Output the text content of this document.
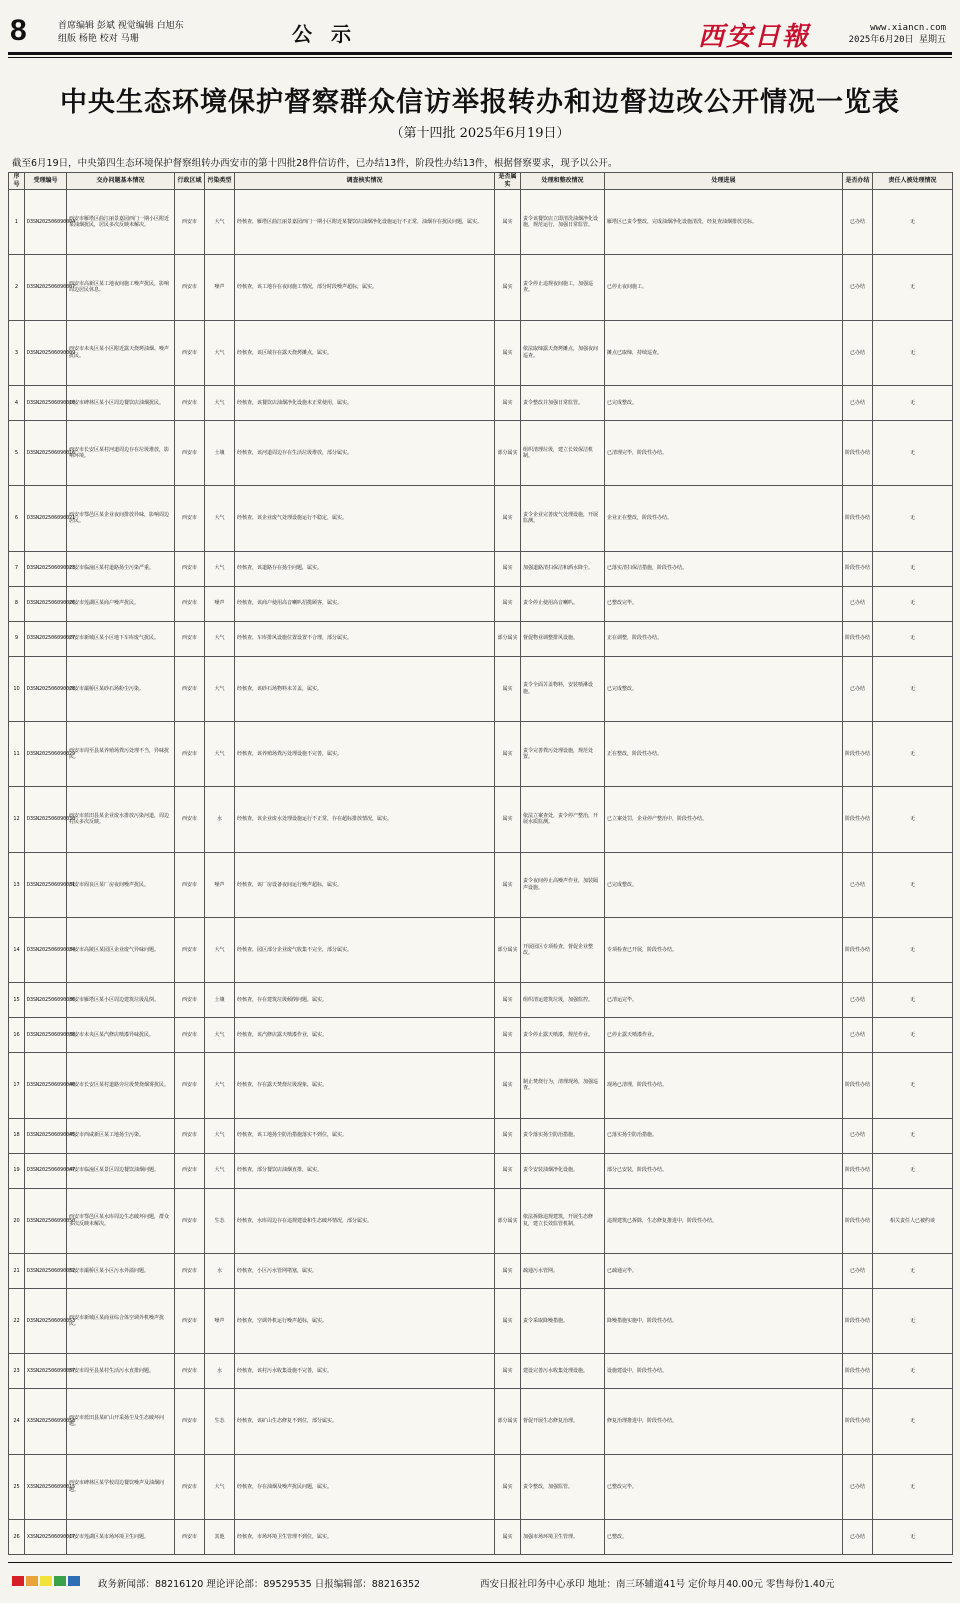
8	首席编辑 彭斌 视觉编辑 白旭东
组版 杨艳 校对 马珊	公 示	西安日報	www.xiancn.com
2025年6月20日 星期五
中央生态环境保护督察群众信访举报转办和边督边改公开情况一览表
（第十四批 2025年6月19日）
截至6月19日，中央第四生态环境保护督察组转办西安市的第十四批28件信访件，已办结13件，阶段性办结13件，根据督察要求，现予以公开。
序号	受理编号	交办问题基本情况	行政区域	污染类型	调查核实情况	是否属实	处理和整改情况	处理进展	是否办结	责任人被处理情况
1	D3SN202506090004	西安市雁塔区曲江丽景嘉园西门一期小区附近某油烟扰民，居民多次反映未解决。	西安市	大气	经核查，雁塔区曲江丽景嘉园西门一期小区附近某餐饮店油烟净化设施运行不正常，油烟存在扰民问题，属实。	属实	责令该餐饮店立即清洗油烟净化设施，规范运行，加强日常监管。	雁塔区已责令整改，完成油烟净化设施清洗，经复查油烟排放达标。	已办结	无
2	D3SN202506090007	西安市高新区某工地夜间施工噪声扰民，影响周边居民休息。	西安市	噪声	经核查，该工地存在夜间施工情况，部分时段噪声超标，属实。	属实	责令停止违规夜间施工，加强巡查。	已停止夜间施工。	已办结	无
3	D3SN202506090009	西安市未央区某小区附近露天烧烤油烟、噪声扰民。	西安市	大气	经核查，该区域存在露天烧烤摊点，属实。	属实	依法取缔露天烧烤摊点，加强夜间巡查。	摊点已取缔，持续巡查。	已办结	无
4	D3SN202506090010	西安市碑林区某小区周边餐饮店油烟扰民。	西安市	大气	经核查，该餐饮店油烟净化设施未正常使用，属实。	属实	责令整改并加强日常监管。	已完成整改。	已办结	无
5	D3SN202506090016	西安市长安区某村河道周边存在垃圾堆放，影响环境。	西安市	土壤	经核查，该河道周边存在生活垃圾堆放，部分属实。	部分属实	组织清理垃圾，建立长效保洁机制。	已清理完毕，阶段性办结。	阶段性办结	无
6	D3SN202506090021	西安市鄠邑区某企业夜间排放异味，影响周边居民。	西安市	大气	经核查，该企业废气处理设施运行不稳定，属实。	属实	责令企业完善废气处理设施，开展监测。	企业正在整改，阶段性办结。	阶段性办结	无
7	D3SN202506090023	西安市临潼区某村道路扬尘污染严重。	西安市	大气	经核查，该道路存在扬尘问题，属实。	属实	加强道路清扫保洁和洒水降尘。	已落实清扫保洁措施，阶段性办结。	阶段性办结	无
8	D3SN202506090026	西安市莲湖区某商户噪声扰民。	西安市	噪声	经核查，该商户使用高音喇叭招揽顾客，属实。	属实	责令停止使用高音喇叭。	已整改完毕。	已办结	无
9	D3SN202506090027	西安市新城区某小区地下车库废气扰民。	西安市	大气	经核查，车库排风设施位置设置不合理，部分属实。	部分属实	督促物业调整排风设施。	正在调整，阶段性办结。	阶段性办结	无
10	D3SN202506090028	西安市灞桥区某砂石场粉尘污染。	西安市	大气	经核查，该砂石场物料未苫盖，属实。	属实	责令全面苫盖物料，安装喷淋设施。	已完成整改。	已办结	无
11	D3SN202506090029	西安市周至县某养殖场粪污处理不当，异味扰民。	西安市	大气	经核查，该养殖场粪污处理设施不完善，属实。	属实	责令完善粪污处理设施，规范处置。	正在整改，阶段性办结。	阶段性办结	无
12	D3SN202506090030	西安市蓝田县某企业废水排放污染河道，周边村民多次反映。	西安市	水	经核查，该企业废水处理设施运行不正常，存在超标排放情况，属实。	属实	依法立案查处，责令停产整治，开展水质监测。	已立案处罚，企业停产整治中，阶段性办结。	阶段性办结	无
13	D3SN202506090031	西安市阎良区某厂房夜间噪声扰民。	西安市	噪声	经核查，该厂房设备夜间运行噪声超标，属实。	属实	责令夜间停止高噪声作业，加装隔声设施。	已完成整改。	已办结	无
14	D3SN202506090034	西安市高陵区某园区企业废气异味问题。	西安市	大气	经核查，园区部分企业废气收集不完全，部分属实。	部分属实	开展园区专项检查，督促企业整改。	专项检查已开展，阶段性办结。	阶段性办结	无
15	D3SN202506090036	西安市雁塔区某小区周边建筑垃圾乱倒。	西安市	土壤	经核查，存在建筑垃圾倾倒问题，属实。	属实	组织清运建筑垃圾，加强监控。	已清运完毕。	已办结	无
16	D3SN202506090038	西安市未央区某汽修店喷漆异味扰民。	西安市	大气	经核查，该汽修店露天喷漆作业，属实。	属实	责令停止露天喷漆，规范作业。	已停止露天喷漆作业。	已办结	无
17	D3SN202506090040	西安市长安区某村道路旁垃圾焚烧烟雾扰民。	西安市	大气	经核查，存在露天焚烧垃圾现象，属实。	属实	制止焚烧行为，清理现场，加强巡查。	现场已清理，阶段性办结。	阶段性办结	无
18	D3SN202506090045	西安市西咸新区某工地扬尘污染。	西安市	大气	经核查，该工地扬尘防治措施落实不到位，属实。	属实	责令落实扬尘防治措施。	已落实扬尘防治措施。	已办结	无
19	D3SN202506090047	西安市临潼区某景区周边餐饮油烟问题。	西安市	大气	经核查，部分餐饮店油烟直排，属实。	属实	责令安装油烟净化设施。	部分已安装，阶段性办结。	阶段性办结	无
20	D3SN202506090050	西安市鄠邑区某水库周边生态破坏问题，群众多次反映未解决。	西安市	生态	经核查，水库周边存在违规建设和生态破坏情况，部分属实。	部分属实	依法拆除违规建筑，开展生态修复，建立长效监管机制。	违规建筑已拆除，生态修复推进中，阶段性办结。	阶段性办结	相关责任人已被约谈
21	D3SN202506090052	西安市灞桥区某小区污水外溢问题。	西安市	水	经核查，小区污水管网堵塞，属实。	属实	疏通污水管网。	已疏通完毕。	已办结	无
22	D3SN202506090053	西安市新城区某商业综合体空调外机噪声扰民。	西安市	噪声	经核查，空调外机运行噪声超标，属实。	属实	责令采取降噪措施。	降噪措施实施中，阶段性办结。	阶段性办结	无
23	X3SN202506090057	西安市周至县某村生活污水直排问题。	西安市	水	经核查，该村污水收集设施不完善，属实。	属实	建设完善污水收集处理设施。	设施建设中，阶段性办结。	阶段性办结	无
24	X3SN202506090058	西安市蓝田县某矿山开采扬尘及生态破坏问题。	西安市	生态	经核查，该矿山生态修复不到位，部分属实。	部分属实	督促开展生态修复治理。	修复治理推进中，阶段性办结。	阶段性办结	无
25	X3SN202506090015	西安市碑林区某学校周边餐饮噪声及油烟问题。	西安市	大气	经核查，存在油烟及噪声扰民问题，属实。	属实	责令整改，加强监管。	已整改完毕。	已办结	无
26	X3SN202506090017	西安市莲湖区某市场环境卫生问题。	西安市	其他	经核查，市场环境卫生管理不到位，属实。	属实	加强市场环境卫生管理。	已整改。	已办结	无
政务新闻部：88216120 理论评论部：89529535 日报编辑部：88216352	西安日报社印务中心承印 地址：南三环辅道41号 定价每月40.00元 零售每份1.40元
